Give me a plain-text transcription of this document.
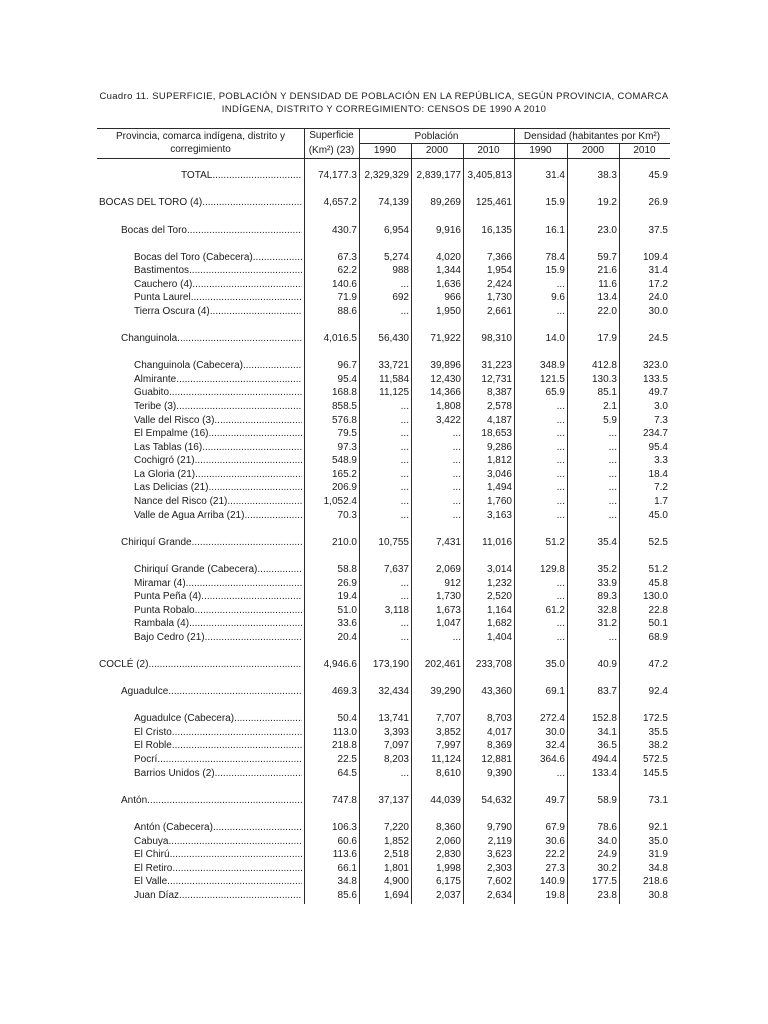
Cuadro 11. SUPERFICIE, POBLACIÓN Y DENSIDAD DE POBLACIÓN EN LA REPÚBLICA, SEGÚN PROVINCIA, COMARCA
INDÍGENA, DISTRITO Y CORREGIMIENTO: CENSOS DE 1990 A 2010
Provincia, comarca indígena, distrito y
corregimiento
Superficie
(Km²) (23)
Población	Densidad (habitantes por Km²)
1990	2000	2010	1990	2000	2010
TOTAL .....	74,177.3 2,329,329 2,839,177 3,405,813	31.4	38.3	45.9
BOCAS DEL TORO (4) .....	4,657.2	74,139	89,269	125,461	15.9	19.2	26.9
Bocas del Toro .....	430.7	6,954	9,916	16,135	16.1	23.0	37.5
Bocas del Toro (Cabecera) .....	67.3	5,274	4,020	7,366	78.4	59.7	109.4
Bastimentos .....	62.2	988	1,344	1,954	15.9	21.6	31.4
Cauchero (4) .....	140.6	...	1,636	2,424	...	11.6	17.2
Punta Laurel .....	71.9	692	966	1,730	9.6	13.4	24.0
Tierra Oscura (4) .....	88.6	...	1,950	2,661	...	22.0	30.0
Changuinola .....	4,016.5	56,430	71,922	98,310	14.0	17.9	24.5
Changuinola (Cabecera) .....	96.7	33,721	39,896	31,223	348.9	412.8	323.0
Almirante .....	95.4	11,584	12,430	12,731	121.5	130.3	133.5
Guabito .....	168.8	11,125	14,366	8,387	65.9	85.1	49.7
Teribe (3) .....	858.5	...	1,808	2,578	...	2.1	3.0
Valle del Risco (3) .....	576.8	...	3,422	4,187	...	5.9	7.3
El Empalme (16) .....	79.5	...	...	18,653	...	...	234.7
Las Tablas (16) .....	97.3	...	...	9,286	...	...	95.4
Cochigró (21) .....	548.9	...	...	1,812	...	...	3.3
La Gloria (21) .....	165.2	...	...	3,046	...	...	18.4
Las Delicias (21) .....	206.9	...	...	1,494	...	...	7.2
Nance del Risco (21) .....	1,052.4	...	...	1,760	...	...	1.7
Valle de Agua Arriba (21) .....	70.3	...	...	3,163	...	...	45.0
Chiriquí Grande .....	210.0	10,755	7,431	11,016	51.2	35.4	52.5
Chiriquí Grande (Cabecera) .....	58.8	7,637	2,069	3,014	129.8	35.2	51.2
Miramar (4) .....	26.9	...	912	1,232	...	33.9	45.8
Punta Peña (4) .....	19.4	...	1,730	2,520	...	89.3	130.0
Punta Robalo .....	51.0	3,118	1,673	1,164	61.2	32.8	22.8
Rambala (4) .....	33.6	...	1,047	1,682	...	31.2	50.1
Bajo Cedro (21) .....	20.4	...	...	1,404	...	...	68.9
COCLÉ (2) .....	4,946.6	173,190	202,461	233,708	35.0	40.9	47.2
Aguadulce .....	469.3	32,434	39,290	43,360	69.1	83.7	92.4
Aguadulce (Cabecera) .....	50.4	13,741	7,707	8,703	272.4	152.8	172.5
El Cristo .....	113.0	3,393	3,852	4,017	30.0	34.1	35.5
El Roble .....	218.8	7,097	7,997	8,369	32.4	36.5	38.2
Pocrí .....	22.5	8,203	11,124	12,881	364.6	494.4	572.5
Barrios Unidos (2) .....	64.5	...	8,610	9,390	...	133.4	145.5
Antón .....	747.8	37,137	44,039	54,632	49.7	58.9	73.1
Antón (Cabecera) .....	106.3	7,220	8,360	9,790	67.9	78.6	92.1
Cabuya .....	60.6	1,852	2,060	2,119	30.6	34.0	35.0
El Chirú .....	113.6	2,518	2,830	3,623	22.2	24.9	31.9
El Retiro .....	66.1	1,801	1,998	2,303	27.3	30.2	34.8
El Valle .....	34.8	4,900	6,175	7,602	140.9	177.5	218.6
Juan Díaz .....	85.6	1,694	2,037	2,634	19.8	23.8	30.8
